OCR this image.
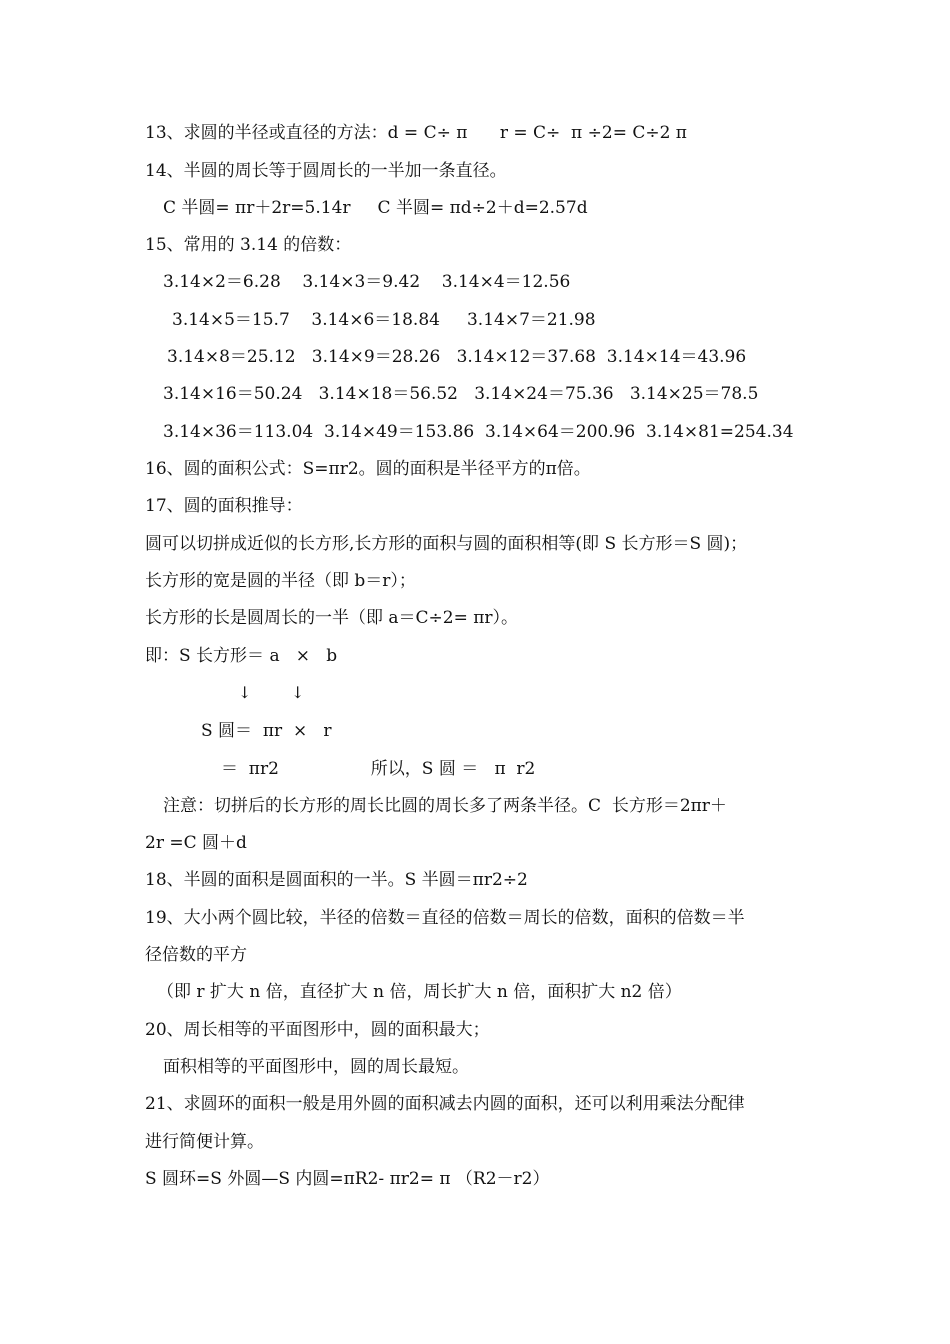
13、求圆的半径或直径的方法：d = C÷ π      r = C÷  π ÷2= C÷2 π
14、半圆的周长等于圆周长的一半加一条直径。
C 半圆= πr＋2r=5.14r     C 半圆= πd÷2＋d=2.57d
15、常用的 3.14 的倍数：
3.14×2＝6.28    3.14×3＝9.42    3.14×4＝12.56
3.14×5＝15.7    3.14×6＝18.84     3.14×7＝21.98
3.14×8＝25.12   3.14×9＝28.26   3.14×12＝37.68  3.14×14＝43.96
3.14×16＝50.24   3.14×18＝56.52   3.14×24＝75.36   3.14×25＝78.5
3.14×36＝113.04  3.14×49＝153.86  3.14×64＝200.96  3.14×81=254.34
16、圆的面积公式：S=πr2。圆的面积是半径平方的π倍。
17、圆的面积推导：
圆可以切拼成近似的长方形,长方形的面积与圆的面积相等(即 S 长方形＝S 圆)；
长方形的宽是圆的半径（即 b＝r）；
长方形的长是圆周长的一半（即 a＝C÷2= πr）。
即：S 长方形＝ a   ×   b
↓ ↓
S 圆＝  πr  ×   r
＝  πr2                 所以，S 圆 ＝   π  r2
注意：切拼后的长方形的周长比圆的周长多了两条半径。C  长方形＝2πr＋
2r =C 圆＋d
18、半圆的面积是圆面积的一半。S 半圆＝πr2÷2
19、大小两个圆比较，半径的倍数＝直径的倍数＝周长的倍数，面积的倍数＝半
径倍数的平方
（即 r 扩大 n 倍，直径扩大 n 倍，周长扩大 n 倍，面积扩大 n2 倍）
20、周长相等的平面图形中，圆的面积最大；
面积相等的平面图形中，圆的周长最短。
21、求圆环的面积一般是用外圆的面积减去内圆的面积，还可以利用乘法分配律
进行简便计算。
S 圆环=S 外圆—S 内圆=πR2- πr2= π （R2－r2）
